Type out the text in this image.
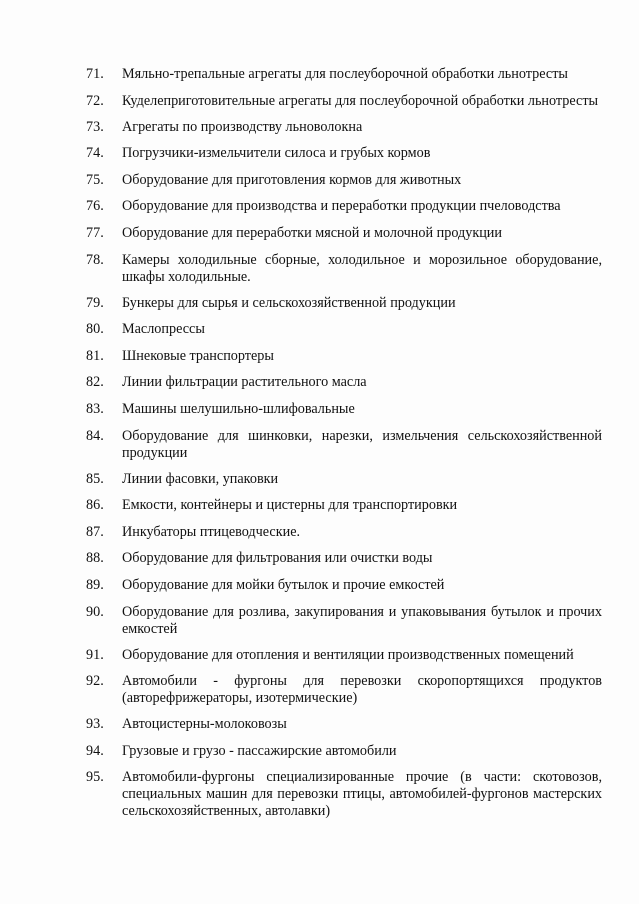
71.	Мяльно-трепальные агрегаты для послеуборочной обработки льнотресты
72.	Куделеприготовительные агрегаты для послеуборочной обработки льнотресты
73.	Агрегаты по производству льноволокна
74.	Погрузчики-измельчители силоса и грубых кормов
75.	Оборудование для приготовления кормов для животных
76.	Оборудование для производства и переработки продукции пчеловодства
77.	Оборудование для переработки мясной и молочной продукции
78.	Камеры холодильные сборные, холодильное и морозильное оборудование, шкафы холодильные.
79.	Бункеры для сырья и сельскохозяйственной продукции
80.	Маслопрессы
81.	Шнековые транспортеры
82.	Линии фильтрации растительного масла
83.	Машины шелушильно-шлифовальные
84.	Оборудование для шинковки, нарезки, измельчения сельскохозяйственной продукции
85.	Линии фасовки, упаковки
86.	Емкости, контейнеры и цистерны для транспортировки
87.	Инкубаторы птицеводческие.
88.	Оборудование для фильтрования или очистки воды
89.	Оборудование для мойки бутылок и прочие емкостей
90.	Оборудование для розлива, закупирования и упаковывания бутылок и прочих емкостей
91.	Оборудование для отопления и вентиляции производственных помещений
92.	Автомобили - фургоны для перевозки скоропортящихся продуктов (авторефрижераторы, изотермические)
93.	Автоцистерны-молоковозы
94.	Грузовые и грузо - пассажирские автомобили
95.	Автомобили-фургоны специализированные прочие (в части: скотовозов, специальных машин для перевозки птицы, автомобилей-фургонов мастерских сельскохозяйственных, автолавки)
